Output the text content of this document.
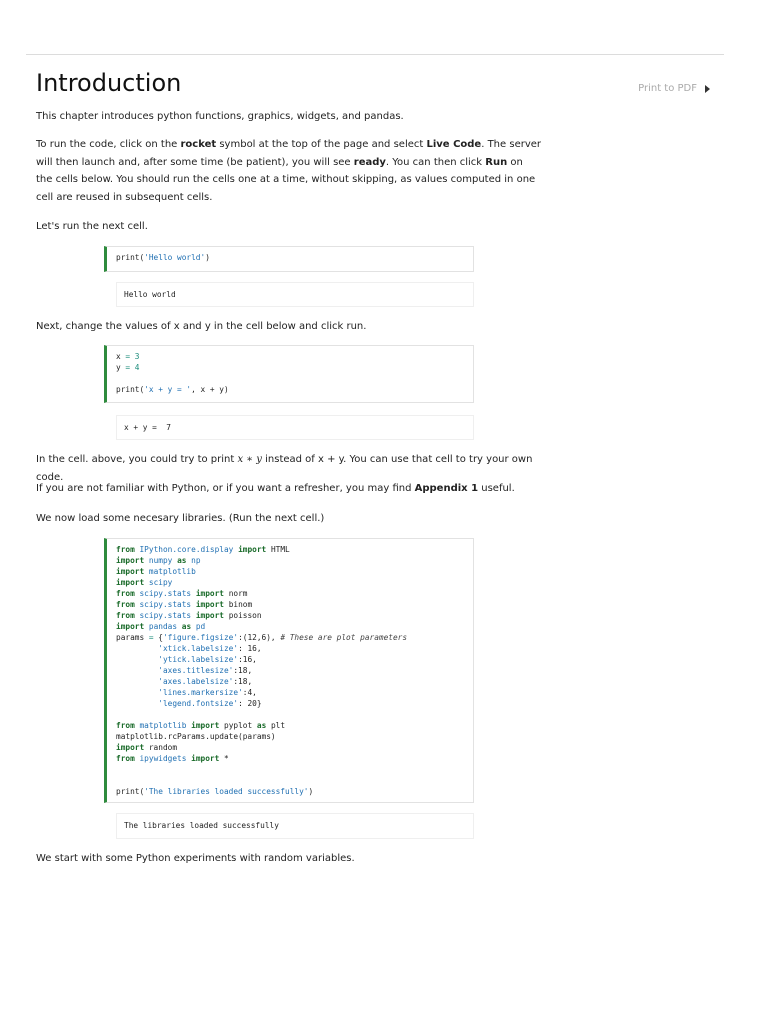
Introduction	Print to PDF

This chapter introduces python functions, graphics, widgets, and pandas.

To run the code, click on the rocket symbol at the top of the page and select Live Code. The server will then launch and, after some time (be patient), you will see ready. You can then click Run on the cells below. You should run the cells one at a time, without skipping, as values computed in one cell are reused in subsequent cells.

Let's run the next cell.

print('Hello world')
Hello world

Next, change the values of x and y in the cell below and click run.

x = 3
y = 4

print('x + y = ', x + y)
x + y =  7

In the cell. above, you could try to print x ∗ y instead of x + y. You can use that cell to try your own code.

If you are not familiar with Python, or if you want a refresher, you may find Appendix 1 useful.

We now load some necesary libraries. (Run the next cell.)

from IPython.core.display import HTML
import numpy as np
import matplotlib
import scipy
from scipy.stats import norm
from scipy.stats import binom
from scipy.stats import poisson
import pandas as pd
params = {'figure.figsize':(12,6), # These are plot parameters
'xtick.labelsize': 16,
'ytick.labelsize':16,
'axes.titlesize':18,
'axes.labelsize':18,
'lines.markersize':4,
'legend.fontsize': 20}

from matplotlib import pyplot as plt
matplotlib.rcParams.update(params)
import random
from ipywidgets import *

print('The libraries loaded successfully')
The libraries loaded successfully

We start with some Python experiments with random variables.
